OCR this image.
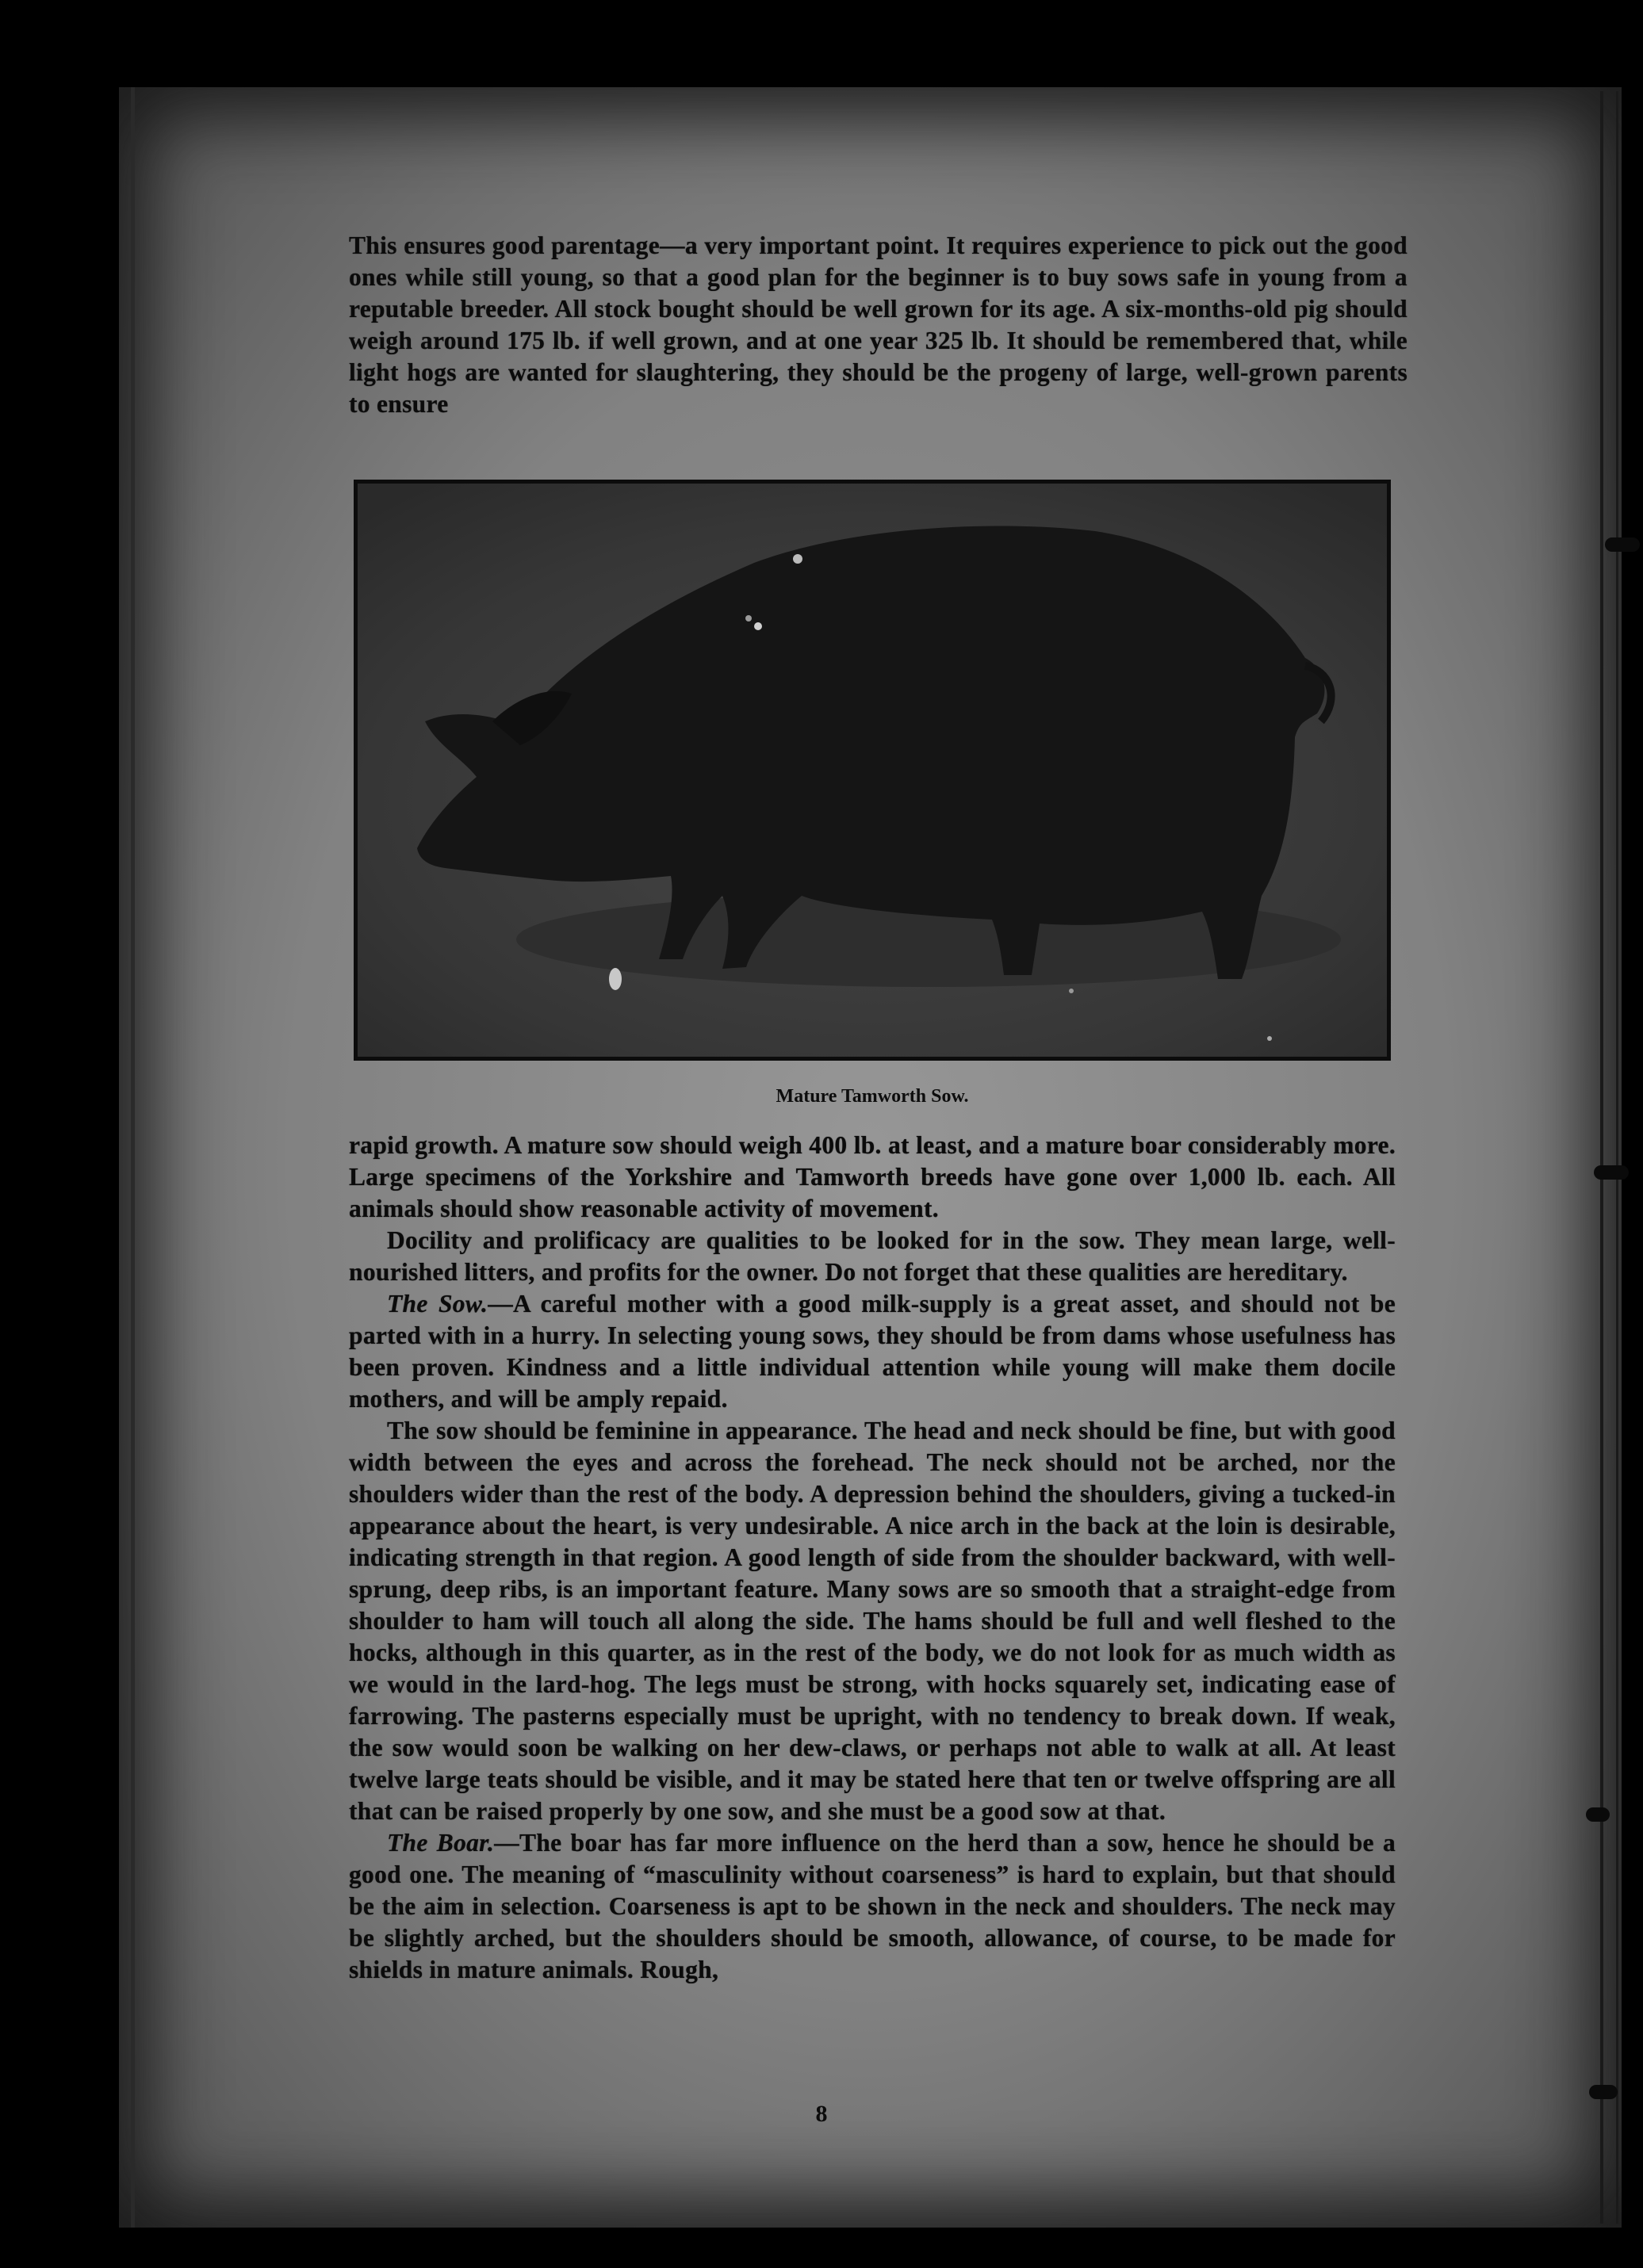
This ensures good parentage—a very important point. It requires experience to pick out the good ones while still young, so that a good plan for the beginner is to buy sows safe in young from a reputable breeder. All stock bought should be well grown for its age. A six-months-old pig should weigh around 175 lb. if well grown, and at one year 325 lb. It should be remembered that, while light hogs are wanted for slaughtering, they should be the progeny of large, well-grown parents to ensure

Mature Tamworth Sow.

rapid growth. A mature sow should weigh 400 lb. at least, and a mature boar considerably more. Large specimens of the Yorkshire and Tamworth breeds have gone over 1,000 lb. each. All animals should show reasonable activity of movement.

Docility and prolificacy are qualities to be looked for in the sow. They mean large, well-nourished litters, and profits for the owner. Do not forget that these qualities are hereditary.

The Sow.—A careful mother with a good milk-supply is a great asset, and should not be parted with in a hurry. In selecting young sows, they should be from dams whose usefulness has been proven. Kindness and a little individual attention while young will make them docile mothers, and will be amply repaid.

The sow should be feminine in appearance. The head and neck should be fine, but with good width between the eyes and across the forehead. The neck should not be arched, nor the shoulders wider than the rest of the body. A depression behind the shoulders, giving a tucked-in appearance about the heart, is very undesirable. A nice arch in the back at the loin is desirable, indicating strength in that region. A good length of side from the shoulder backward, with well-sprung, deep ribs, is an important feature. Many sows are so smooth that a straight-edge from shoulder to ham will touch all along the side. The hams should be full and well fleshed to the hocks, although in this quarter, as in the rest of the body, we do not look for as much width as we would in the lard-hog. The legs must be strong, with hocks squarely set, indicating ease of farrowing. The pasterns especially must be upright, with no tendency to break down. If weak, the sow would soon be walking on her dew-claws, or perhaps not able to walk at all. At least twelve large teats should be visible, and it may be stated here that ten or twelve offspring are all that can be raised properly by one sow, and she must be a good sow at that.

The Boar.—The boar has far more influence on the herd than a sow, hence he should be a good one. The meaning of “masculinity without coarseness” is hard to explain, but that should be the aim in selection. Coarseness is apt to be shown in the neck and shoulders. The neck may be slightly arched, but the shoulders should be smooth, allowance, of course, to be made for shields in mature animals. Rough,

8
